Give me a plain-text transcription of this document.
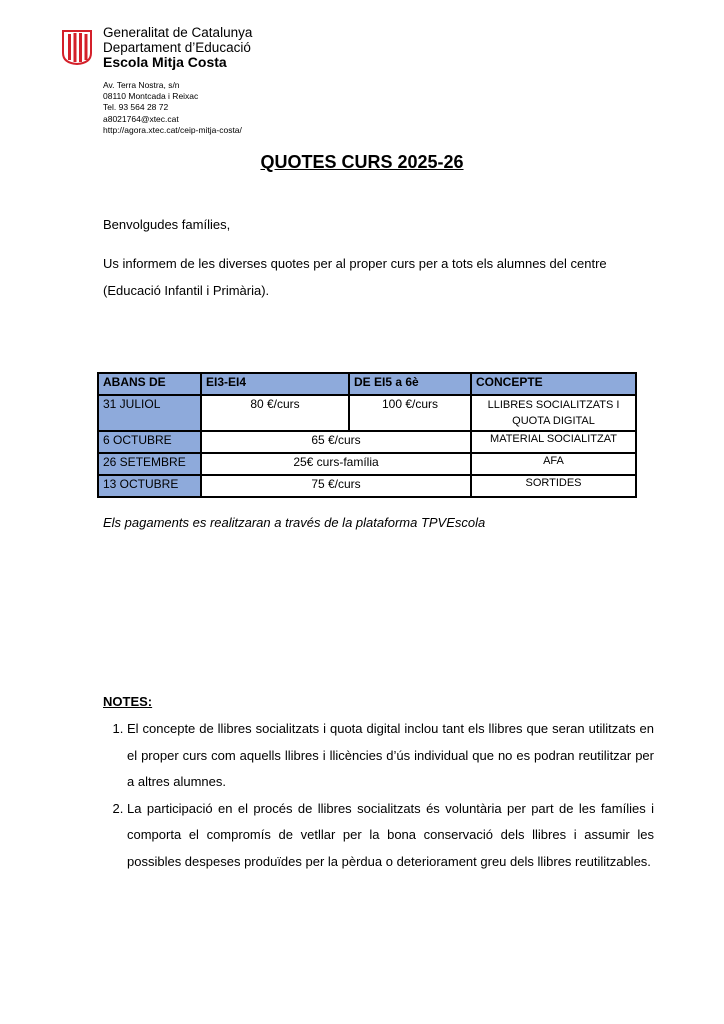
Generalitat de Catalunya
Departament d’Educació
Escola Mitja Costa
Av. Terra Nostra, s/n
08110 Montcada i Reixac
Tel. 93 564 28 72
a8021764@xtec.cat
http://agora.xtec.cat/ceip-mitja-costa/
QUOTES CURS 2025-26
Benvolgudes famílies,
Us informem de les diverses quotes per al proper curs per a tots els alumnes del centre (Educació Infantil i Primària).
ABANS DE	EI3-EI4	DE EI5 a 6è	CONCEPTE
31 JULIOL	80 €/curs	100 €/curs	LLIBRES SOCIALITZATS I QUOTA DIGITAL
6 OCTUBRE	65 €/curs		MATERIAL SOCIALITZAT
26 SETEMBRE	25€ curs-família		AFA
13 OCTUBRE	75 €/curs		SORTIDES
Els pagaments es realitzaran a través de la plataforma TPVEscola
NOTES:
1. El concepte de llibres socialitzats i quota digital inclou tant els llibres que seran utilitzats en el proper curs com aquells llibres i llicències d’ús individual que no es podran reutilitzar per a altres alumnes.
2. La participació en el procés de llibres socialitzats és voluntària per part de les famílies i comporta el compromís de vetllar per la bona conservació dels llibres i assumir les possibles despeses produïdes per la pèrdua o deteriorament greu dels llibres reutilitzables.
